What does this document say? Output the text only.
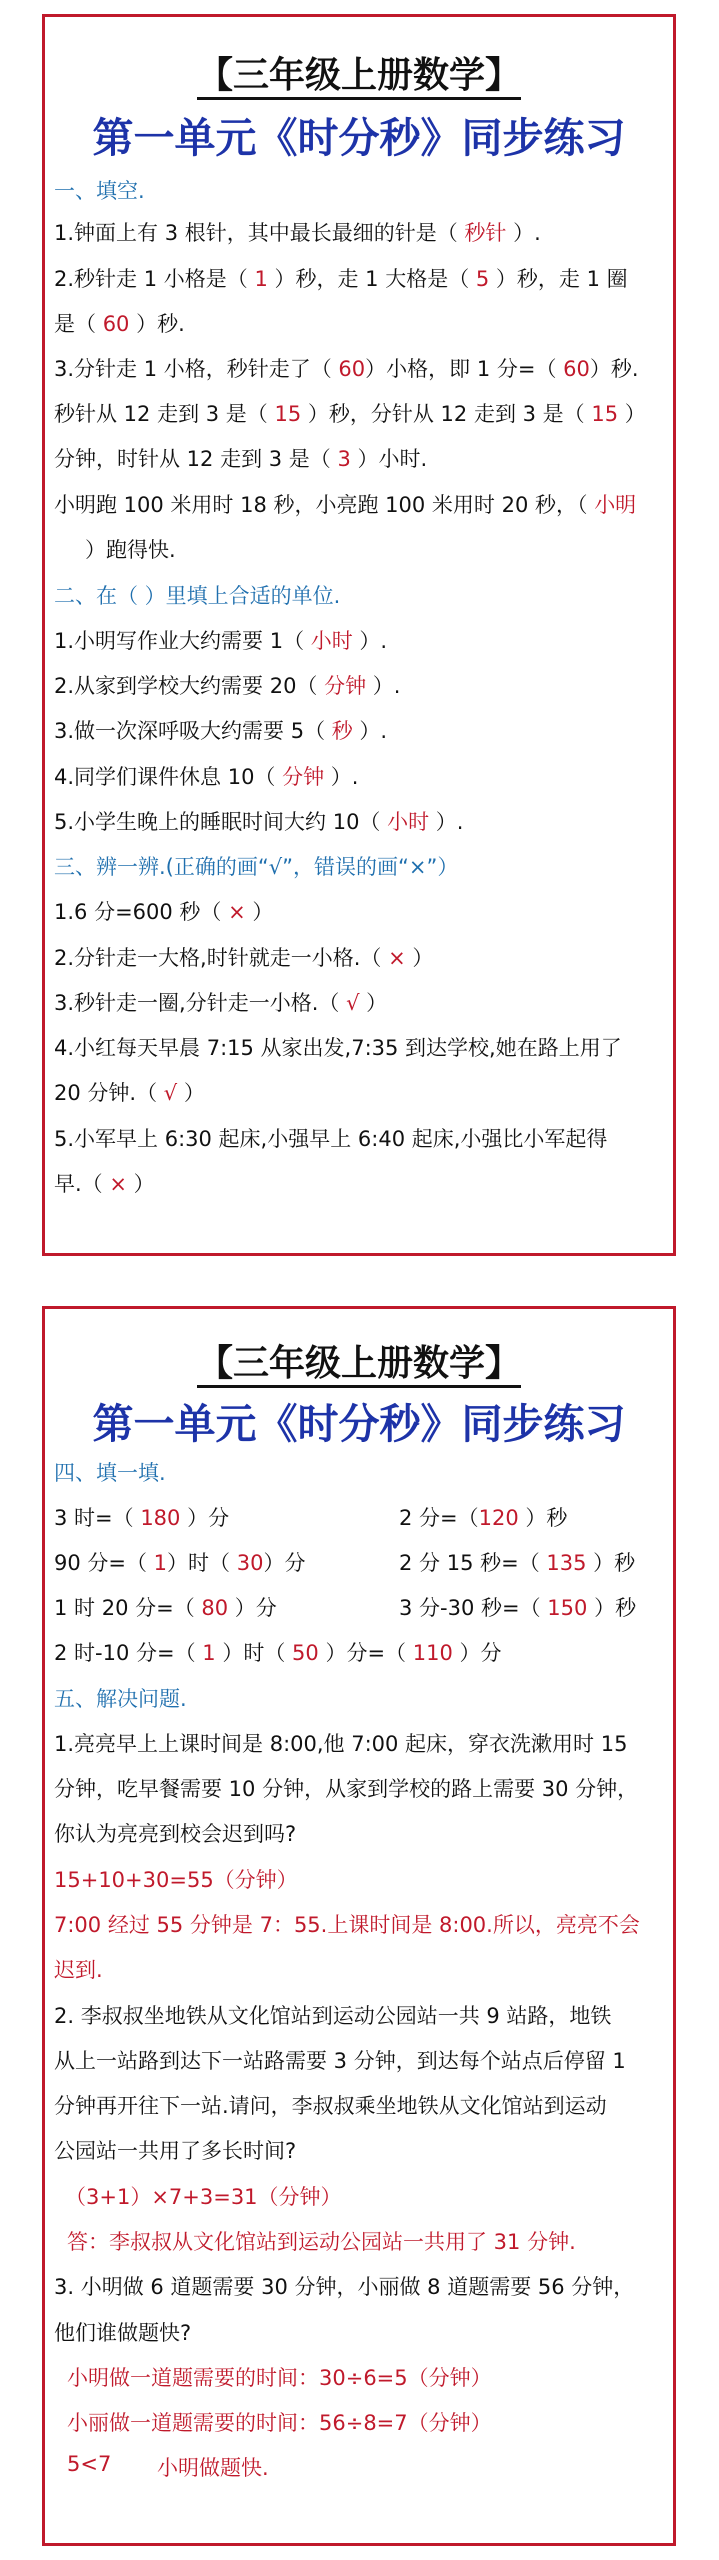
【三年级上册数学】
第一单元《时分秒》同步练习
一、填空.
1.钟面上有 3 根针，其中最长最细的针是（ 秒针 ）.
2.秒针走 1 小格是（ 1 ）秒，走 1 大格是（ 5 ）秒，走 1 圈
是（ 60 ）秒.
3.分针走 1 小格，秒针走了（ 60）小格，即 1 分=（ 60）秒.
秒针从 12 走到 3 是（ 15 ）秒，分针从 12 走到 3 是（ 15 ）
分钟，时针从 12 走到 3 是（ 3 ）小时.
小明跑 100 米用时 18 秒，小亮跑 100 米用时 20 秒，（ 小明
）跑得快.
二、在（ ）里填上合适的单位.
1.小明写作业大约需要 1（ 小时 ）.
2.从家到学校大约需要 20（ 分钟 ）.
3.做一次深呼吸大约需要 5（ 秒 ）.
4.同学们课件休息 10（ 分钟 ）.
5.小学生晚上的睡眠时间大约 10（ 小时 ）.
三、辨一辨.(正确的画“√”，错误的画“×”）
1.6 分=600 秒（ × ）
2.分针走一大格,时针就走一小格.（ × ）
3.秒针走一圈,分针走一小格.（ √ ）
4.小红每天早晨 7:15 从家出发,7:35 到达学校,她在路上用了
20 分钟.（ √ ）
5.小军早上 6:30 起床,小强早上 6:40 起床,小强比小军起得
早.（ × ）
【三年级上册数学】
第一单元《时分秒》同步练习
四、填一填.
3 时=（ 180 ）分	2 分=（120 ）秒
90 分=（ 1）时（ 30）分	2 分 15 秒=（ 135 ）秒
1 时 20 分=（ 80 ）分	3 分-30 秒=（ 150 ）秒
2 时-10 分=（ 1 ）时（ 50 ）分=（ 110 ）分
五、解决问题.
1.亮亮早上上课时间是 8:00,他 7:00 起床，穿衣洗漱用时 15
分钟，吃早餐需要 10 分钟，从家到学校的路上需要 30 分钟，
你认为亮亮到校会迟到吗?
15+10+30=55（分钟）
7:00 经过 55 分钟是 7：55.上课时间是 8:00.所以，亮亮不会
迟到.
2. 李叔叔坐地铁从文化馆站到运动公园站一共 9 站路，地铁
从上一站路到达下一站路需要 3 分钟，到达每个站点后停留 1
分钟再开往下一站.请问，李叔叔乘坐地铁从文化馆站到运动
公园站一共用了多长时间?
（3+1）×7+3=31（分钟）
答：李叔叔从文化馆站到运动公园站一共用了 31 分钟.
3. 小明做 6 道题需要 30 分钟，小丽做 8 道题需要 56 分钟，
他们谁做题快?
小明做一道题需要的时间：30÷6=5（分钟）
小丽做一道题需要的时间：56÷8=7（分钟）
5<7 小明做题快.
